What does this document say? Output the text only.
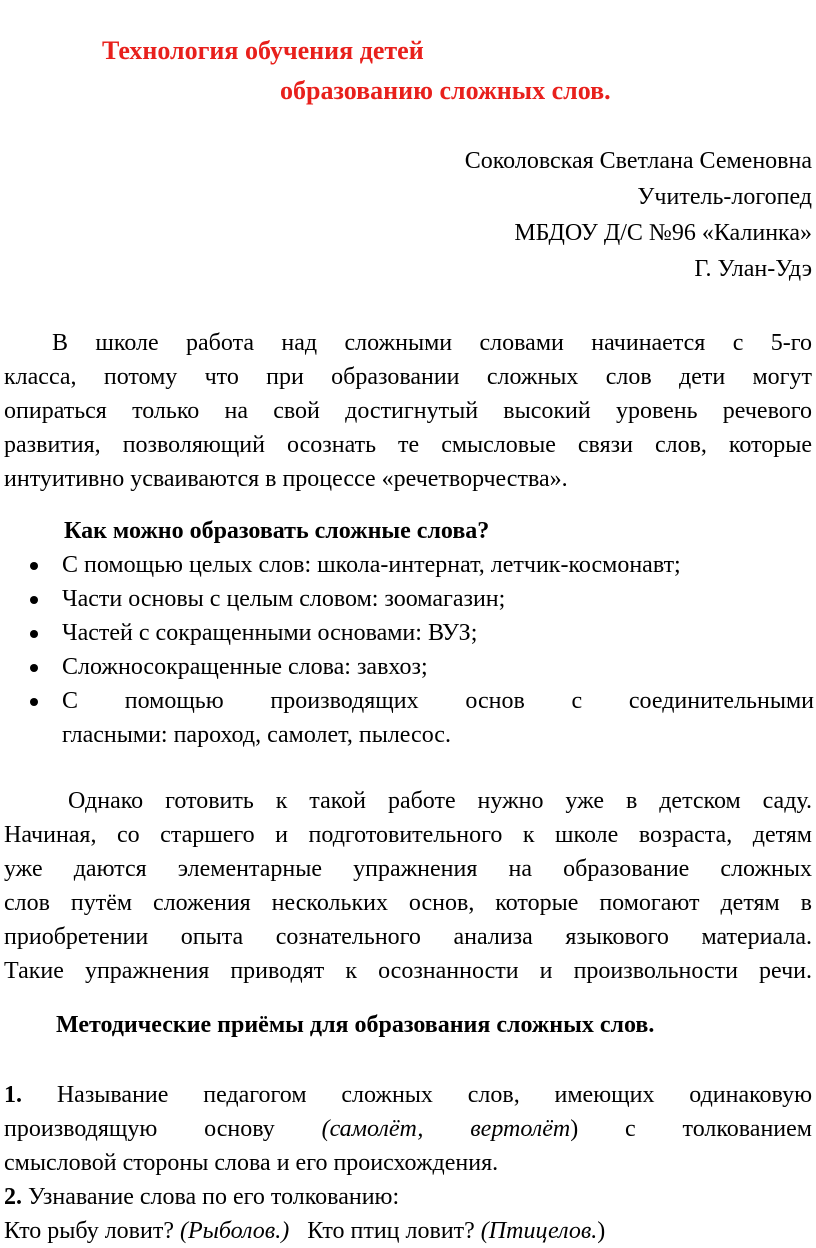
Технология обучения детей
образованию сложных слов.
Соколовская Светлана Семеновна
Учитель-логопед
МБДОУ Д/С №96 «Калинка»
Г. Улан-Удэ
В школе работа над сложными словами начинается с 5-го
класса, потому что при образовании сложных слов дети могут
опираться только на свой достигнутый высокий уровень речевого
развития, позволяющий осознать те смысловые связи слов, которые
интуитивно усваиваются в процессе «речетворчества».
Как можно образовать сложные слова?
С помощью целых слов: школа-интернат, летчик-космонавт;
Части основы с целым словом: зоомагазин;
Частей с сокращенными основами: ВУЗ;
Сложносокращенные слова: завхоз;
С помощью производящих основ с соединительными
гласными: пароход, самолет, пылесос.
Однако готовить к такой работе нужно уже в детском саду.
Начиная, со старшего и подготовительного к школе возраста, детям
уже даются элементарные упражнения на образование сложных
слов путём сложения нескольких основ, которые помогают детям в
приобретении опыта сознательного анализа языкового материала.
Такие упражнения приводят к осознанности и произвольности речи.
Методические приёмы для образования сложных слов.
1. Называние педагогом сложных слов, имеющих одинаковую
производящую основу (самолёт, вертолёт) с толкованием
смысловой стороны слова и его происхождения.
2. Узнавание слова по его толкованию:
Кто рыбу ловит? (Рыболов.) Кто птиц ловит? (Птицелов.)
